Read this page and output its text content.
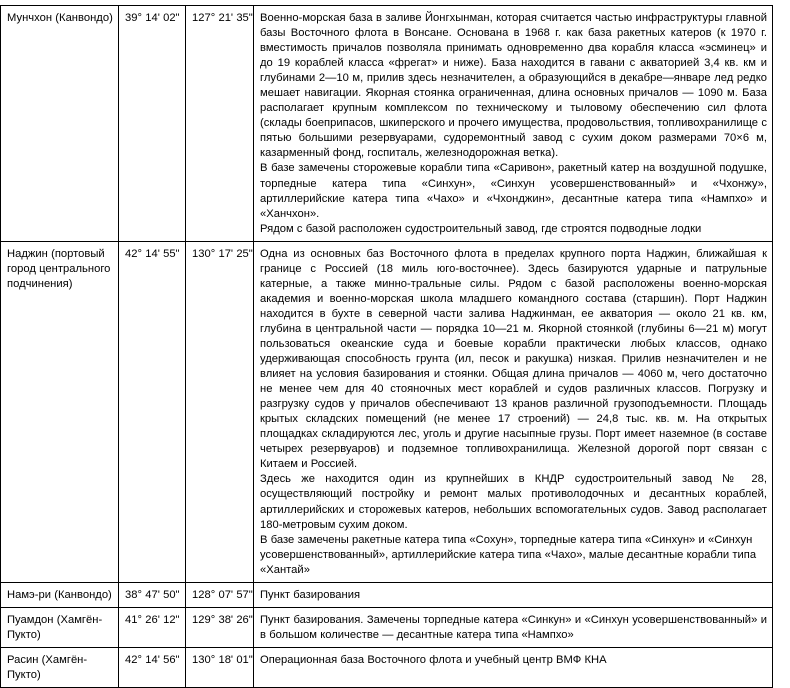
Мунчхон (Канвондо)	39° 14' 02"	127° 21' 35"	Военно-морская база в заливе Йонгхынман, которая считается частью инфраструктуры главной базы Восточного флота в Вонсане. Основана в 1968 г. как база ракетных катеров (к 1970 г. вместимость причалов позволяла принимать одновременно два корабля класса «эсминец» и до 19 кораблей класса «фрегат» и ниже). База находится в гавани с акваторией 3,4 кв. км и глубинами 2—10 м, прилив здесь незначителен, а образующийся в декабре—январе лед редко мешает навигации. Якорная стоянка ограниченная, длина основных причалов — 1090 м. База располагает крупным комплексом по техническому и тыловому обеспечению сил флота (склады боеприпасов, шкиперского и прочего имущества, продовольствия, топливохранилище с пятью большими резервуарами, судоремонтный завод с сухим доком размерами 70×6 м, казарменный фонд, госпиталь, железнодорожная ветка).

В базе замечены сторожевые корабли типа «Саривон», ракетный катер на воздушной подушке, торпедные катера типа «Синхун», «Синхун усовершенствованный» и «Чхонжу», артиллерийские катера типа «Чахо» и «Чхонджин», десантные катера типа «Нампхо» и «Ханчхон».

Рядом с базой расположен судостроительный завод, где строятся подводные лодки

Наджин (портовый город центрального подчинения)	42° 14' 55"	130° 17' 25"	Одна из основных баз Восточного флота в пределах крупного порта Наджин, ближайшая к границе с Россией (18 миль юго-восточнее). Здесь базируются ударные и патрульные катерные, а также минно-тральные силы. Рядом с базой расположены военно-морская академия и военно-морская школа младшего командного состава (старшин). Порт Наджин находится в бухте в северной части залива Наджинман, ее акватория — около 21 кв. км, глубина в центральной части — порядка 10—21 м. Якорной стоянкой (глубины 6—21 м) могут пользоваться океанские суда и боевые корабли практически любых классов, однако удерживающая способность грунта (ил, песок и ракушка) низкая. Прилив незначителен и не влияет на условия базирования и стоянки. Общая длина причалов — 4060 м, чего достаточно не менее чем для 40 стояночных мест кораблей и судов различных классов. Погрузку и разгрузку судов у причалов обеспечивают 13 кранов различной грузоподъемности. Площадь крытых складских помещений (не менее 17 строений) — 24,8 тыс. кв. м. На открытых площадках складируются лес, уголь и другие насыпные грузы. Порт имеет наземное (в составе четырех резервуаров) и подземное топливохранилища. Железной дорогой порт связан с Китаем и Россией.

Здесь же находится один из крупнейших в КНДР судостроительный завод № 28, осуществляющий постройку и ремонт малых противолодочных и десантных кораблей, артиллерийских и сторожевых катеров, небольших вспомогательных судов. Завод располагает 180-метровым сухим доком.

В базе замечены ракетные катера типа «Сохун», торпедные катера типа «Синхун» и «Синхун усовершенствованный», артиллерийские катера типа «Чахо», малые десантные корабли типа «Хантай»

Намэ-ри (Канвондо)	38° 47' 50"	128° 07' 57"	Пункт базирования

Пуамдон (Хамгён-Пукто)	41° 26' 12"	129° 38' 26"	Пункт базирования. Замечены торпедные катера «Синкун» и «Синхун усовершенствованный» и в большом количестве — десантные катера типа «Нампхо»

Расин (Хамгён-Пукто)	42° 14' 56"	130° 18' 01"	Операционная база Восточного флота и учебный центр ВМФ КНА
